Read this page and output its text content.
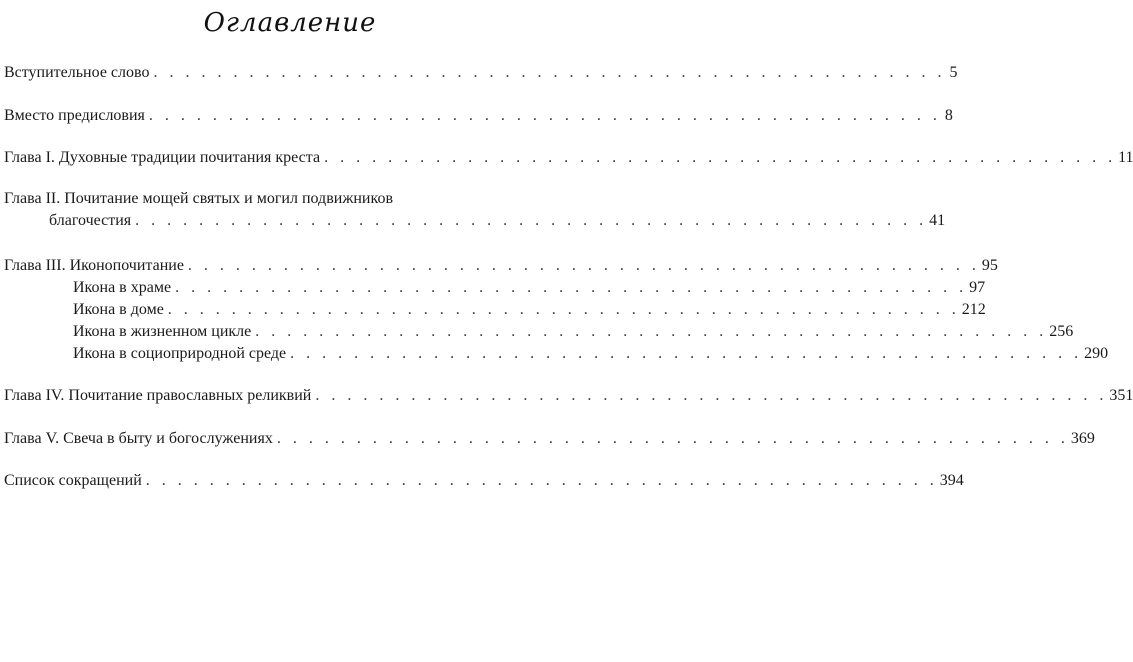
Оглавление
Вступительное слово . . . . . . . . . . . . . . . . . . . . . . . . . . . . . . . . . . . . . . . . . . . . . . . . . . 5
Вместо предисловия . . . . . . . . . . . . . . . . . . . . . . . . . . . . . . . . . . . . . . . . . . . . . . . . . . 8
Глава I. Духовные традиции почитания креста . . . . . . . . . . . . . . . . . . . . . . . . . . . . . . . . . . . . . . . . . . . . . . . . . . 11
Глава II. Почитание мощей святых и могил подвижников
благочестия . . . . . . . . . . . . . . . . . . . . . . . . . . . . . . . . . . . . . . . . . . . . . . . . . . 41
Глава III. Иконопочитание . . . . . . . . . . . . . . . . . . . . . . . . . . . . . . . . . . . . . . . . . . . . . . . . . . 95
Икона в храме . . . . . . . . . . . . . . . . . . . . . . . . . . . . . . . . . . . . . . . . . . . . . . . . . . 97
Икона в доме . . . . . . . . . . . . . . . . . . . . . . . . . . . . . . . . . . . . . . . . . . . . . . . . . . 212
Икона в жизненном цикле . . . . . . . . . . . . . . . . . . . . . . . . . . . . . . . . . . . . . . . . . . . . . . . . . . 256
Икона в социоприродной среде . . . . . . . . . . . . . . . . . . . . . . . . . . . . . . . . . . . . . . . . . . . . . . . . . . 290
Глава IV. Почитание православных реликвий . . . . . . . . . . . . . . . . . . . . . . . . . . . . . . . . . . . . . . . . . . . . . . . . . . 351
Глава V. Свеча в быту и богослужениях . . . . . . . . . . . . . . . . . . . . . . . . . . . . . . . . . . . . . . . . . . . . . . . . . . 369
Список сокращений . . . . . . . . . . . . . . . . . . . . . . . . . . . . . . . . . . . . . . . . . . . . . . . . . . 394
